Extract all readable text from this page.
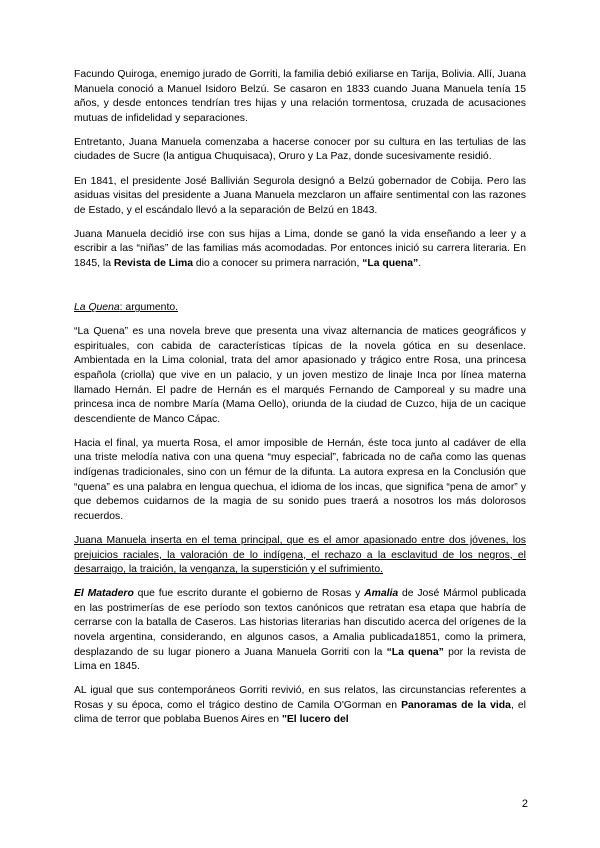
Facundo Quiroga, enemigo jurado de Gorriti, la familia debió exiliarse en Tarija, Bolivia. Allí, Juana Manuela conoció a Manuel Isidoro Belzú. Se casaron en 1833 cuando Juana Manuela tenía 15 años, y desde entonces tendrían tres hijas y una relación tormentosa, cruzada de acusaciones mutuas de infidelidad y separaciones.

Entretanto, Juana Manuela comenzaba a hacerse conocer por su cultura en las tertulias de las ciudades de Sucre (la antigua Chuquisaca), Oruro y La Paz, donde sucesivamente residió.

En 1841, el presidente José Ballivián Segurola designó a Belzú gobernador de Cobija. Pero las asiduas visitas del presidente a Juana Manuela mezclaron un affaire sentimental con las razones de Estado, y el escándalo llevó a la separación de Belzú en 1843.

Juana Manuela decidió irse con sus hijas a Lima, donde se ganó la vida enseñando a leer y a escribir a las “niñas” de las familias más acomodadas. Por entonces inició su carrera literaria. En 1845, la Revista de Lima dio a conocer su primera narración, “La quena”.

La Quena: argumento.

“La Quena” es una novela breve que presenta una vivaz alternancia de matices geográficos y espirituales, con cabida de características típicas de la novela gótica en su desenlace. Ambientada en la Lima colonial, trata del amor apasionado y trágico entre Rosa, una princesa española (criolla) que vive en un palacio, y un joven mestizo de linaje Inca por línea materna llamado Hernán. El padre de Hernán es el marqués Fernando de Camporeal y su madre una princesa inca de nombre María (Mama Oello), oriunda de la ciudad de Cuzco, hija de un cacique descendiente de Manco Cápac.

Hacia el final, ya muerta Rosa, el amor imposible de Hernán, éste toca junto al cadáver de ella una triste melodía nativa con una quena “muy especial”, fabricada no de caña como las quenas indígenas tradicionales, sino con un fémur de la difunta. La autora expresa en la Conclusión que “quena” es una palabra en lengua quechua, el idioma de los incas, que significa “pena de amor” y que debemos cuidarnos de la magia de su sonido pues traerá a nosotros los más dolorosos recuerdos.

Juana Manuela inserta en el tema principal, que es el amor apasionado entre dos jóvenes, los prejuicios raciales, la valoración de lo indígena, el rechazo a la esclavitud de los negros, el desarraigo, la traición, la venganza, la superstición y el sufrimiento.

El Matadero que fue escrito durante el gobierno de Rosas y Amalia de José Mármol publicada en las postrimerías de ese período son textos canónicos que retratan esa etapa que habría de cerrarse con la batalla de Caseros. Las historias literarias han discutido acerca del orígenes de la novela argentina, considerando, en algunos casos, a Amalia publicada1851, como la primera, desplazando de su lugar pionero a Juana Manuela Gorriti con la “La quena” por la revista de Lima en 1845.

AL igual que sus contemporáneos Gorriti revivió, en sus relatos, las circunstancias referentes a Rosas y su época, como el trágico destino de Camila O'Gorman en Panoramas de la vida, el clima de terror que poblaba Buenos Aires en "El lucero del

2
